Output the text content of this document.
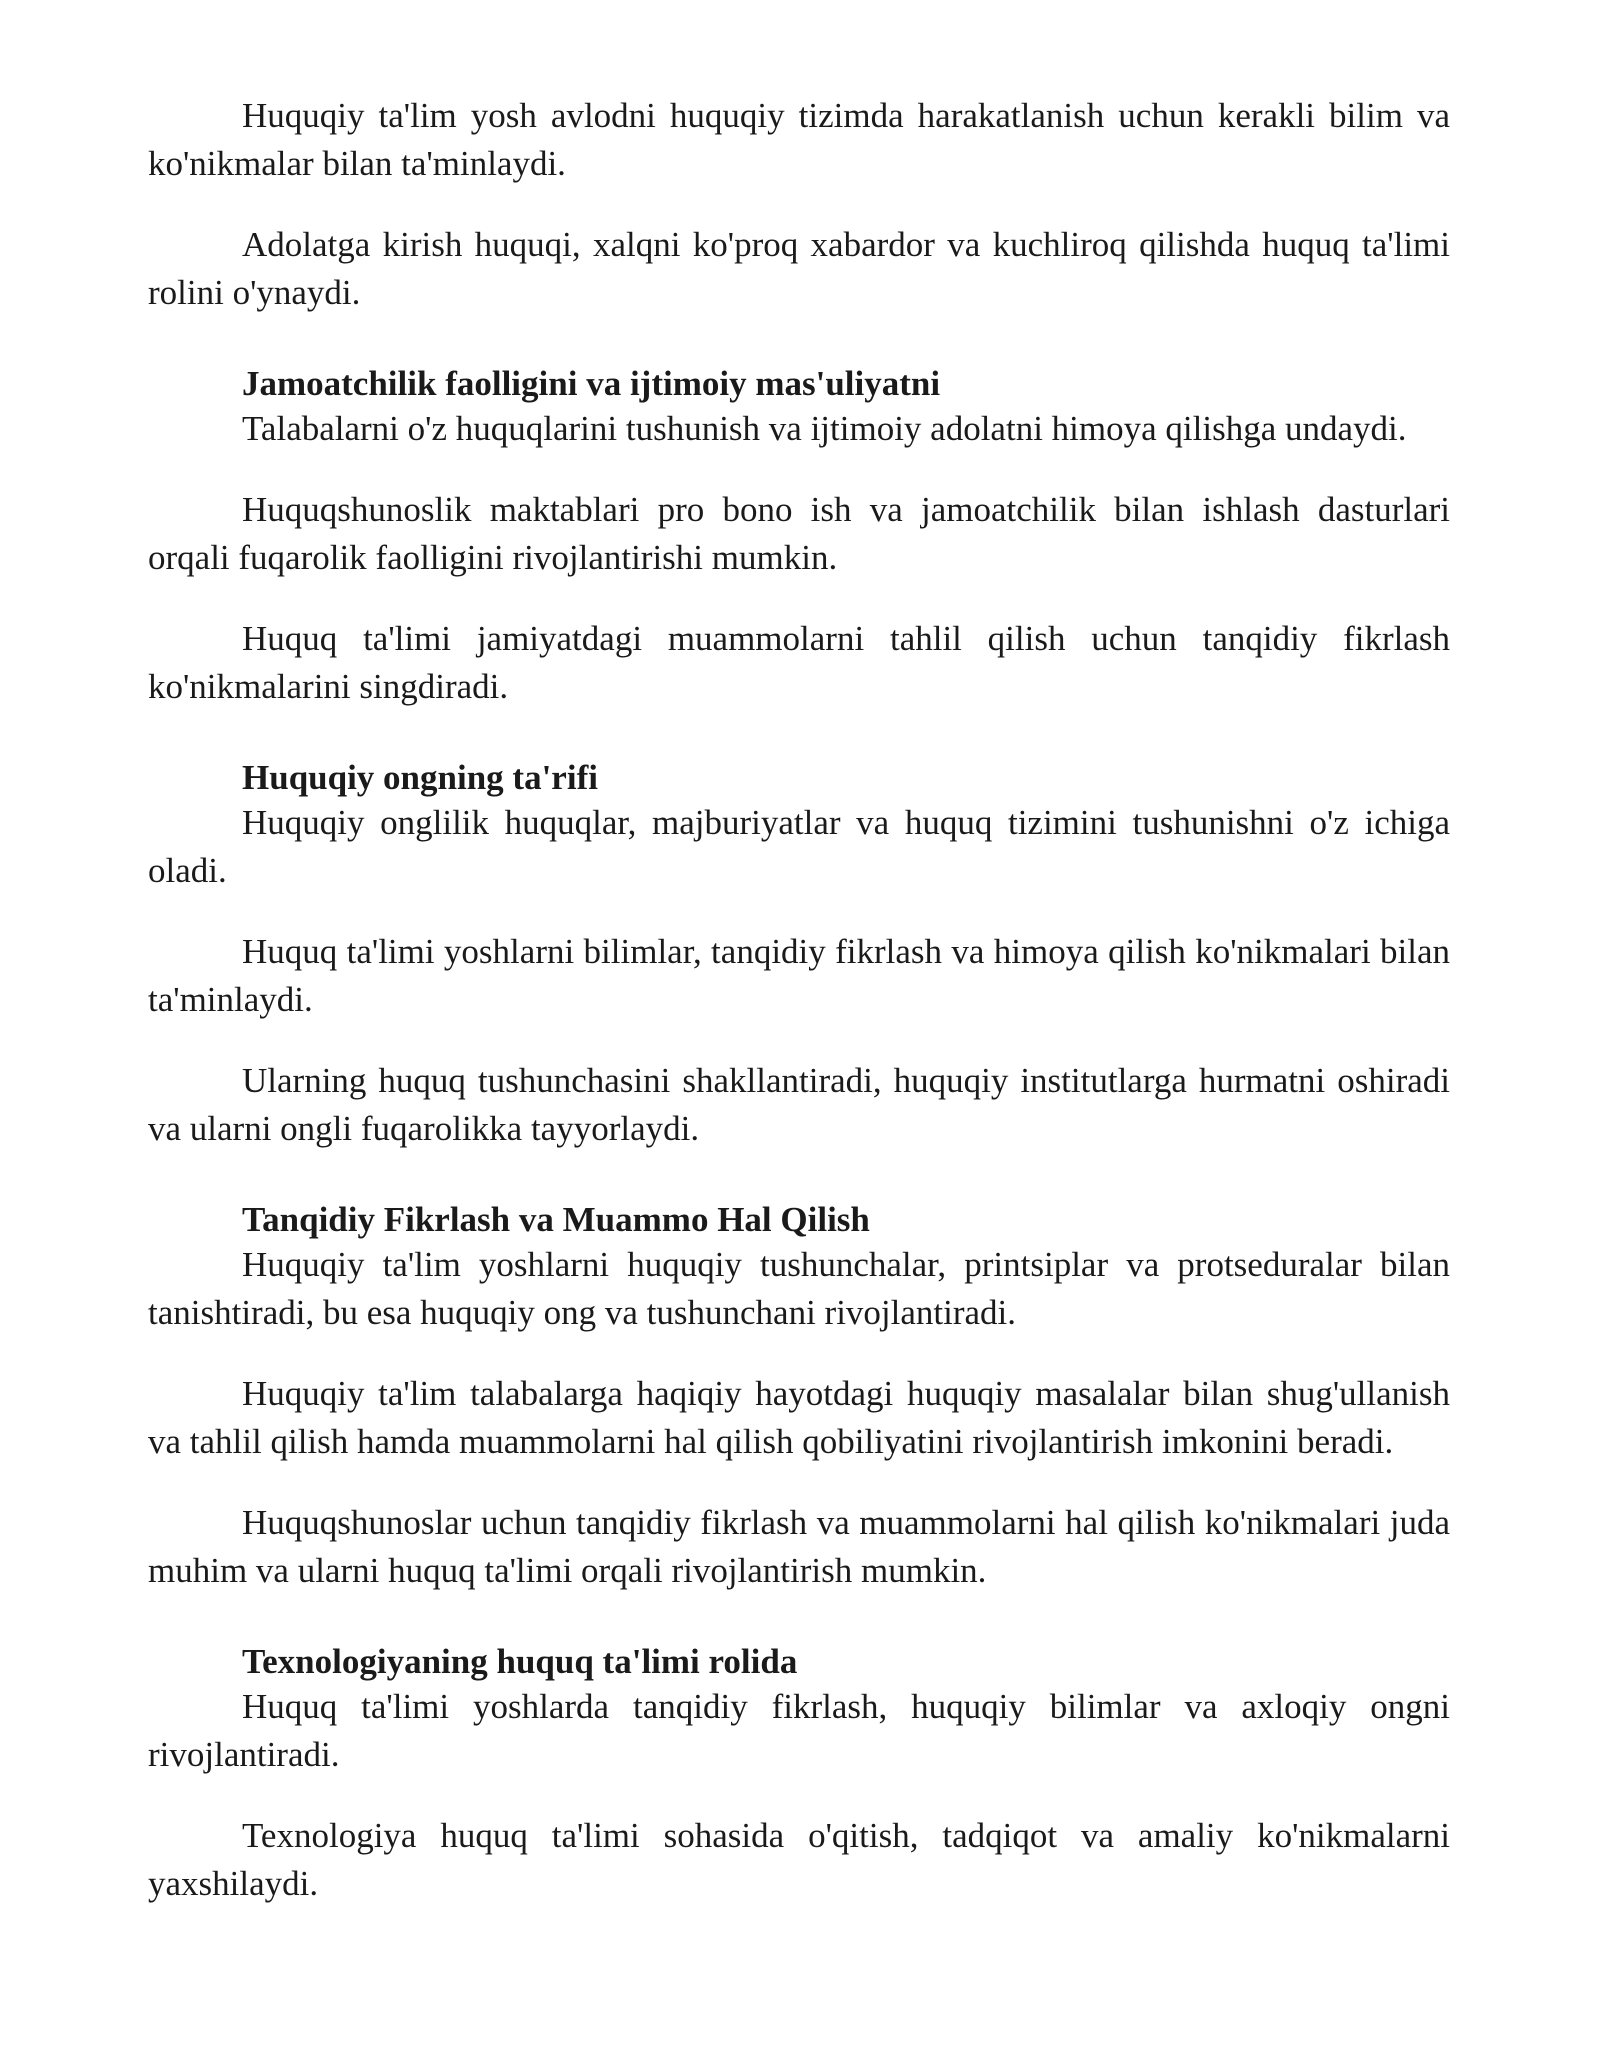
Huquqiy ta'lim yosh avlodni huquqiy tizimda harakatlanish uchun kerakli bilim va ko'nikmalar bilan ta'minlaydi.

Adolatga kirish huquqi, xalqni ko'proq xabardor va kuchliroq qilishda huquq ta'limi rolini o'ynaydi.

Jamoatchilik faolligini va ijtimoiy mas'uliyatni

Talabalarni o'z huquqlarini tushunish va ijtimoiy adolatni himoya qilishga undaydi.

Huquqshunoslik maktablari pro bono ish va jamoatchilik bilan ishlash dasturlari orqali fuqarolik faolligini rivojlantirishi mumkin.

Huquq ta'limi jamiyatdagi muammolarni tahlil qilish uchun tanqidiy fikrlash ko'nikmalarini singdiradi.

Huquqiy ongning ta'rifi

Huquqiy onglilik huquqlar, majburiyatlar va huquq tizimini tushunishni o'z ichiga oladi.

Huquq ta'limi yoshlarni bilimlar, tanqidiy fikrlash va himoya qilish ko'nikmalari bilan ta'minlaydi.

Ularning huquq tushunchasini shakllantiradi, huquqiy institutlarga hurmatni oshiradi va ularni ongli fuqarolikka tayyorlaydi.

Tanqidiy Fikrlash va Muammo Hal Qilish

Huquqiy ta'lim yoshlarni huquqiy tushunchalar, printsiplar va protseduralar bilan tanishtiradi, bu esa huquqiy ong va tushunchani rivojlantiradi.

Huquqiy ta'lim talabalarga haqiqiy hayotdagi huquqiy masalalar bilan shug'ullanish va tahlil qilish hamda muammolarni hal qilish qobiliyatini rivojlantirish imkonini beradi.

Huquqshunoslar uchun tanqidiy fikrlash va muammolarni hal qilish ko'nikmalari juda muhim va ularni huquq ta'limi orqali rivojlantirish mumkin.

Texnologiyaning huquq ta'limi rolida

Huquq ta'limi yoshlarda tanqidiy fikrlash, huquqiy bilimlar va axloqiy ongni rivojlantiradi.

Texnologiya huquq ta'limi sohasida o'qitish, tadqiqot va amaliy ko'nikmalarni yaxshilaydi.
